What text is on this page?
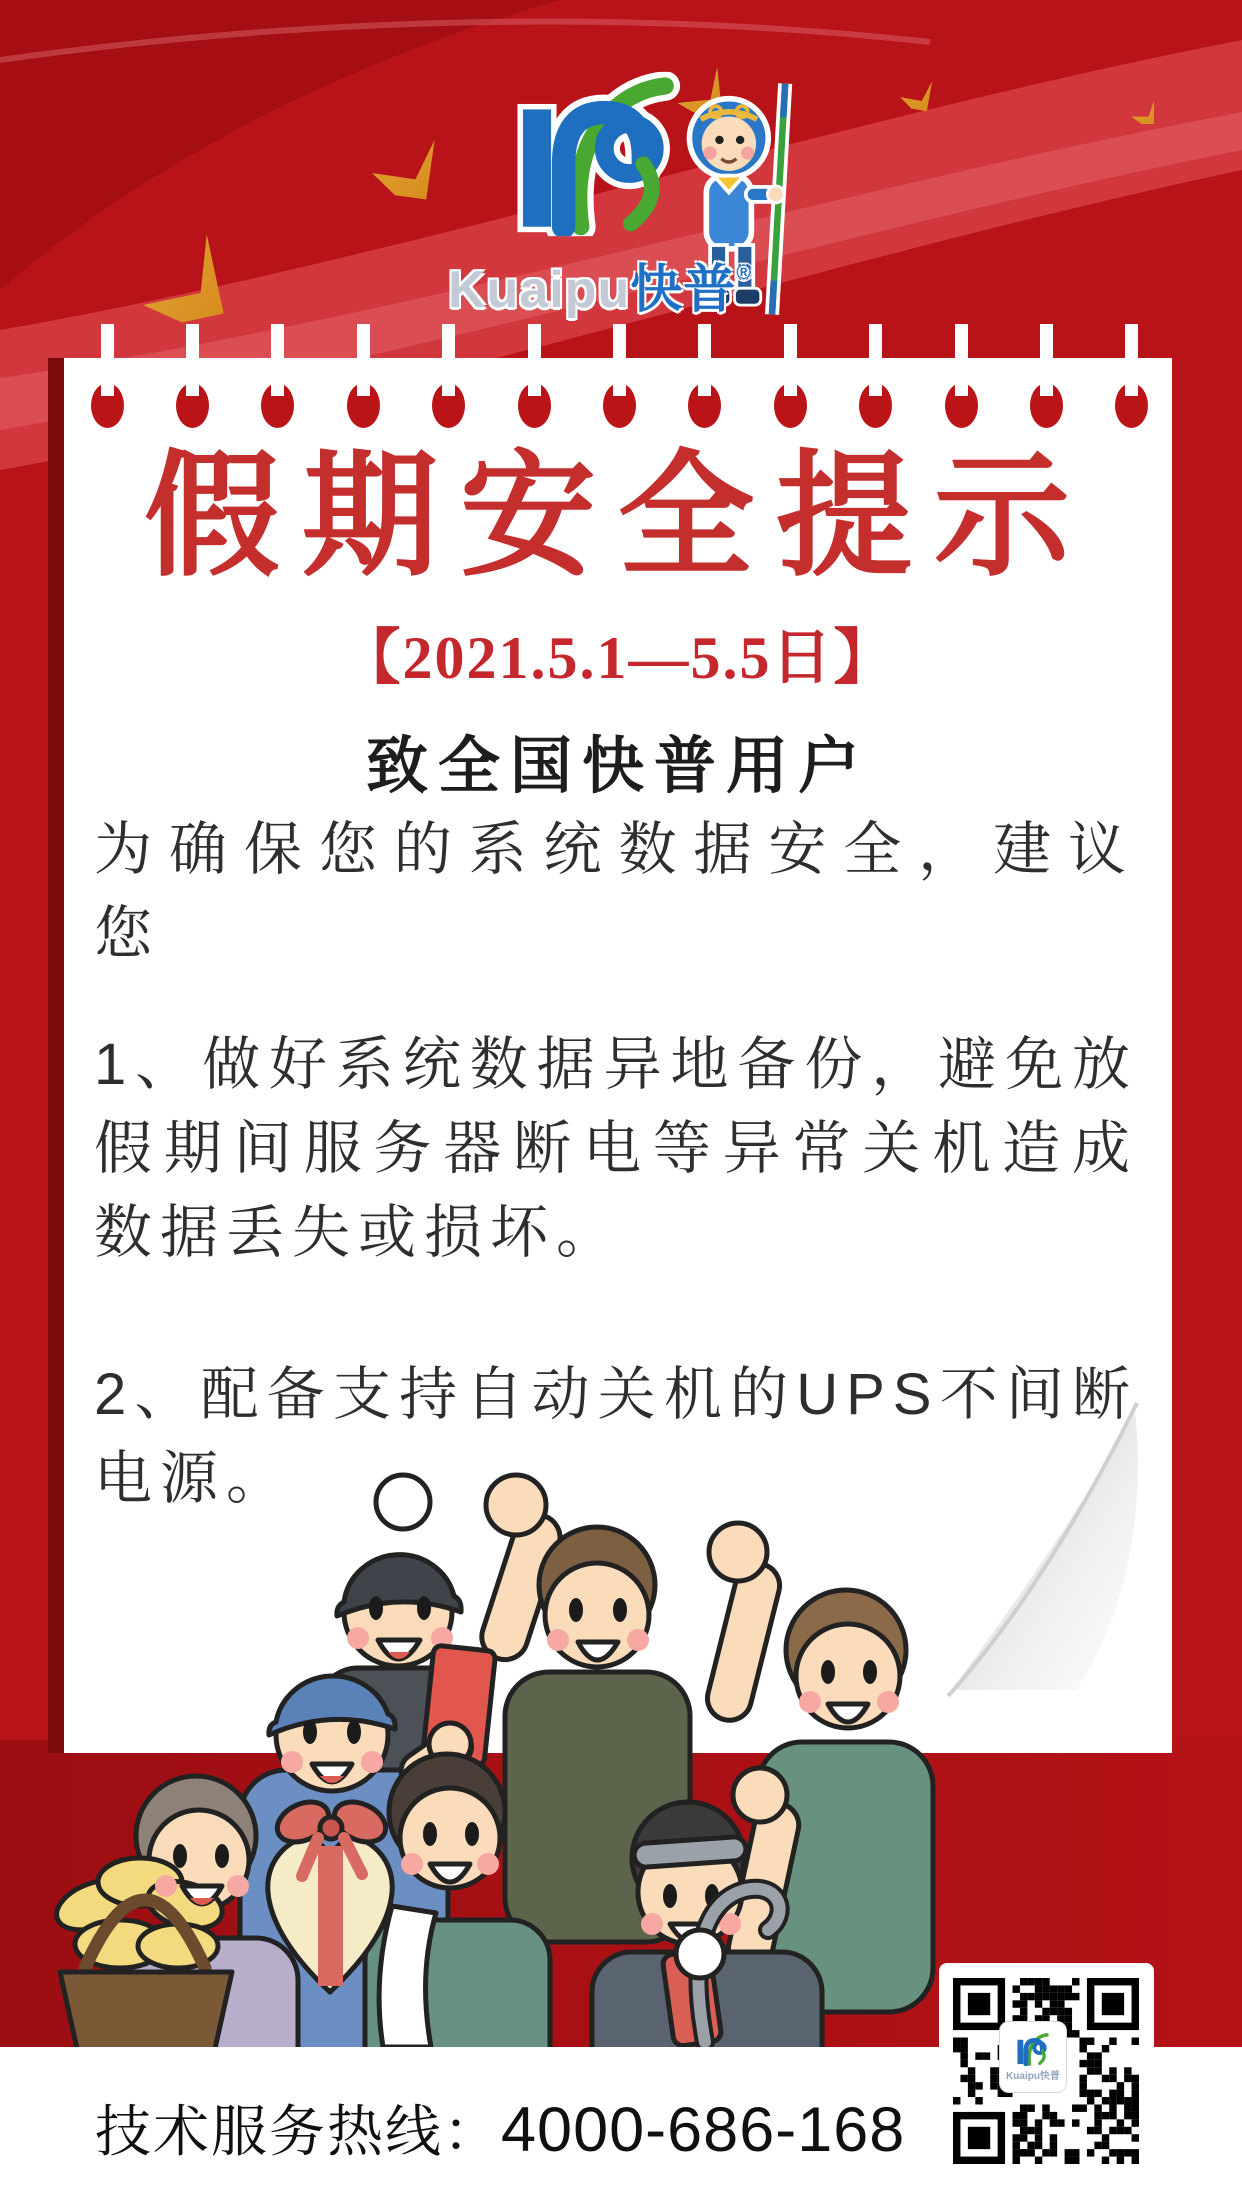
Kuaipu快普®
假期安全提示
【2021.5.1—5.5日】
致全国快普用户
为确保您的系统数据安全，建议您
1、做好系统数据异地备份，避免放假期间服务器断电等异常关机造成数据丢失或损坏。
2、配备支持自动关机的UPS不间断电源。
技术服务热线：4000-686-168
Kuaipu快普
